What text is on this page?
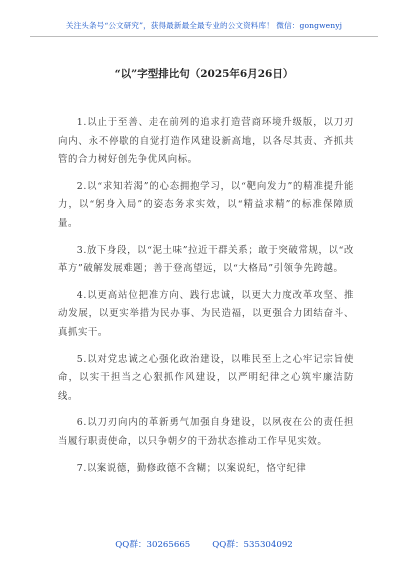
关注头条号“公文研究”，获得最新最全最专业的公文资料库！ 微信：gongwenyj
“以”字型排比句（2025年6月26日）

1.以止于至善、走在前列的追求打造营商环境升级版，以刀刃向内、永不停歇的自觉打造作风建设新高地，以各尽其责、齐抓共管的合力树好创先争优风向标。

2.以“求知若渴”的心态拥抱学习，以“靶向发力”的精准提升能力，以“躬身入局”的姿态务求实效，以“精益求精”的标准保障质量。

3.放下身段，以“泥土味”拉近干群关系；敢于突破常规，以“改革方”破解发展难题；善于登高望远，以“大格局”引领争先跨越。

4.以更高站位把准方向、践行忠诚，以更大力度改革攻坚、推动发展，以更实举措为民办事、为民造福，以更强合力团结奋斗、真抓实干。

5.以对党忠诚之心强化政治建设，以唯民至上之心牢记宗旨使命，以实干担当之心狠抓作风建设，以严明纪律之心筑牢廉洁防线。

6.以刀刃向内的革新勇气加强自身建设，以夙夜在公的责任担当履行职责使命，以只争朝夕的干劲状态推动工作早见实效。

7.以案说德，勤修政德不含糊；以案说纪，恪守纪律

QQ群：30265665	QQ群：535304092
